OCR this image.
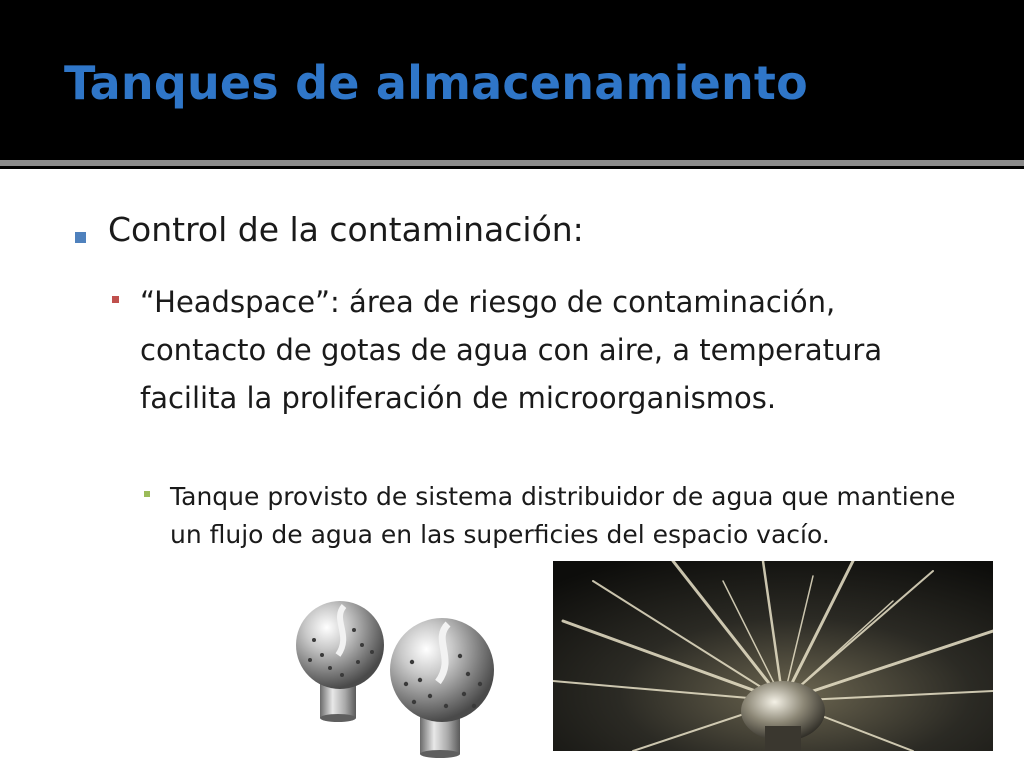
Tanques de almacenamiento
Control de la contaminación:
“Headspace”: área de riesgo de contaminación, contacto de gotas de agua con aire, a temperatura facilita la proliferación de microorganismos.
Tanque provisto de sistema distribuidor de agua que mantiene un flujo de agua en las superficies del espacio vacío.
